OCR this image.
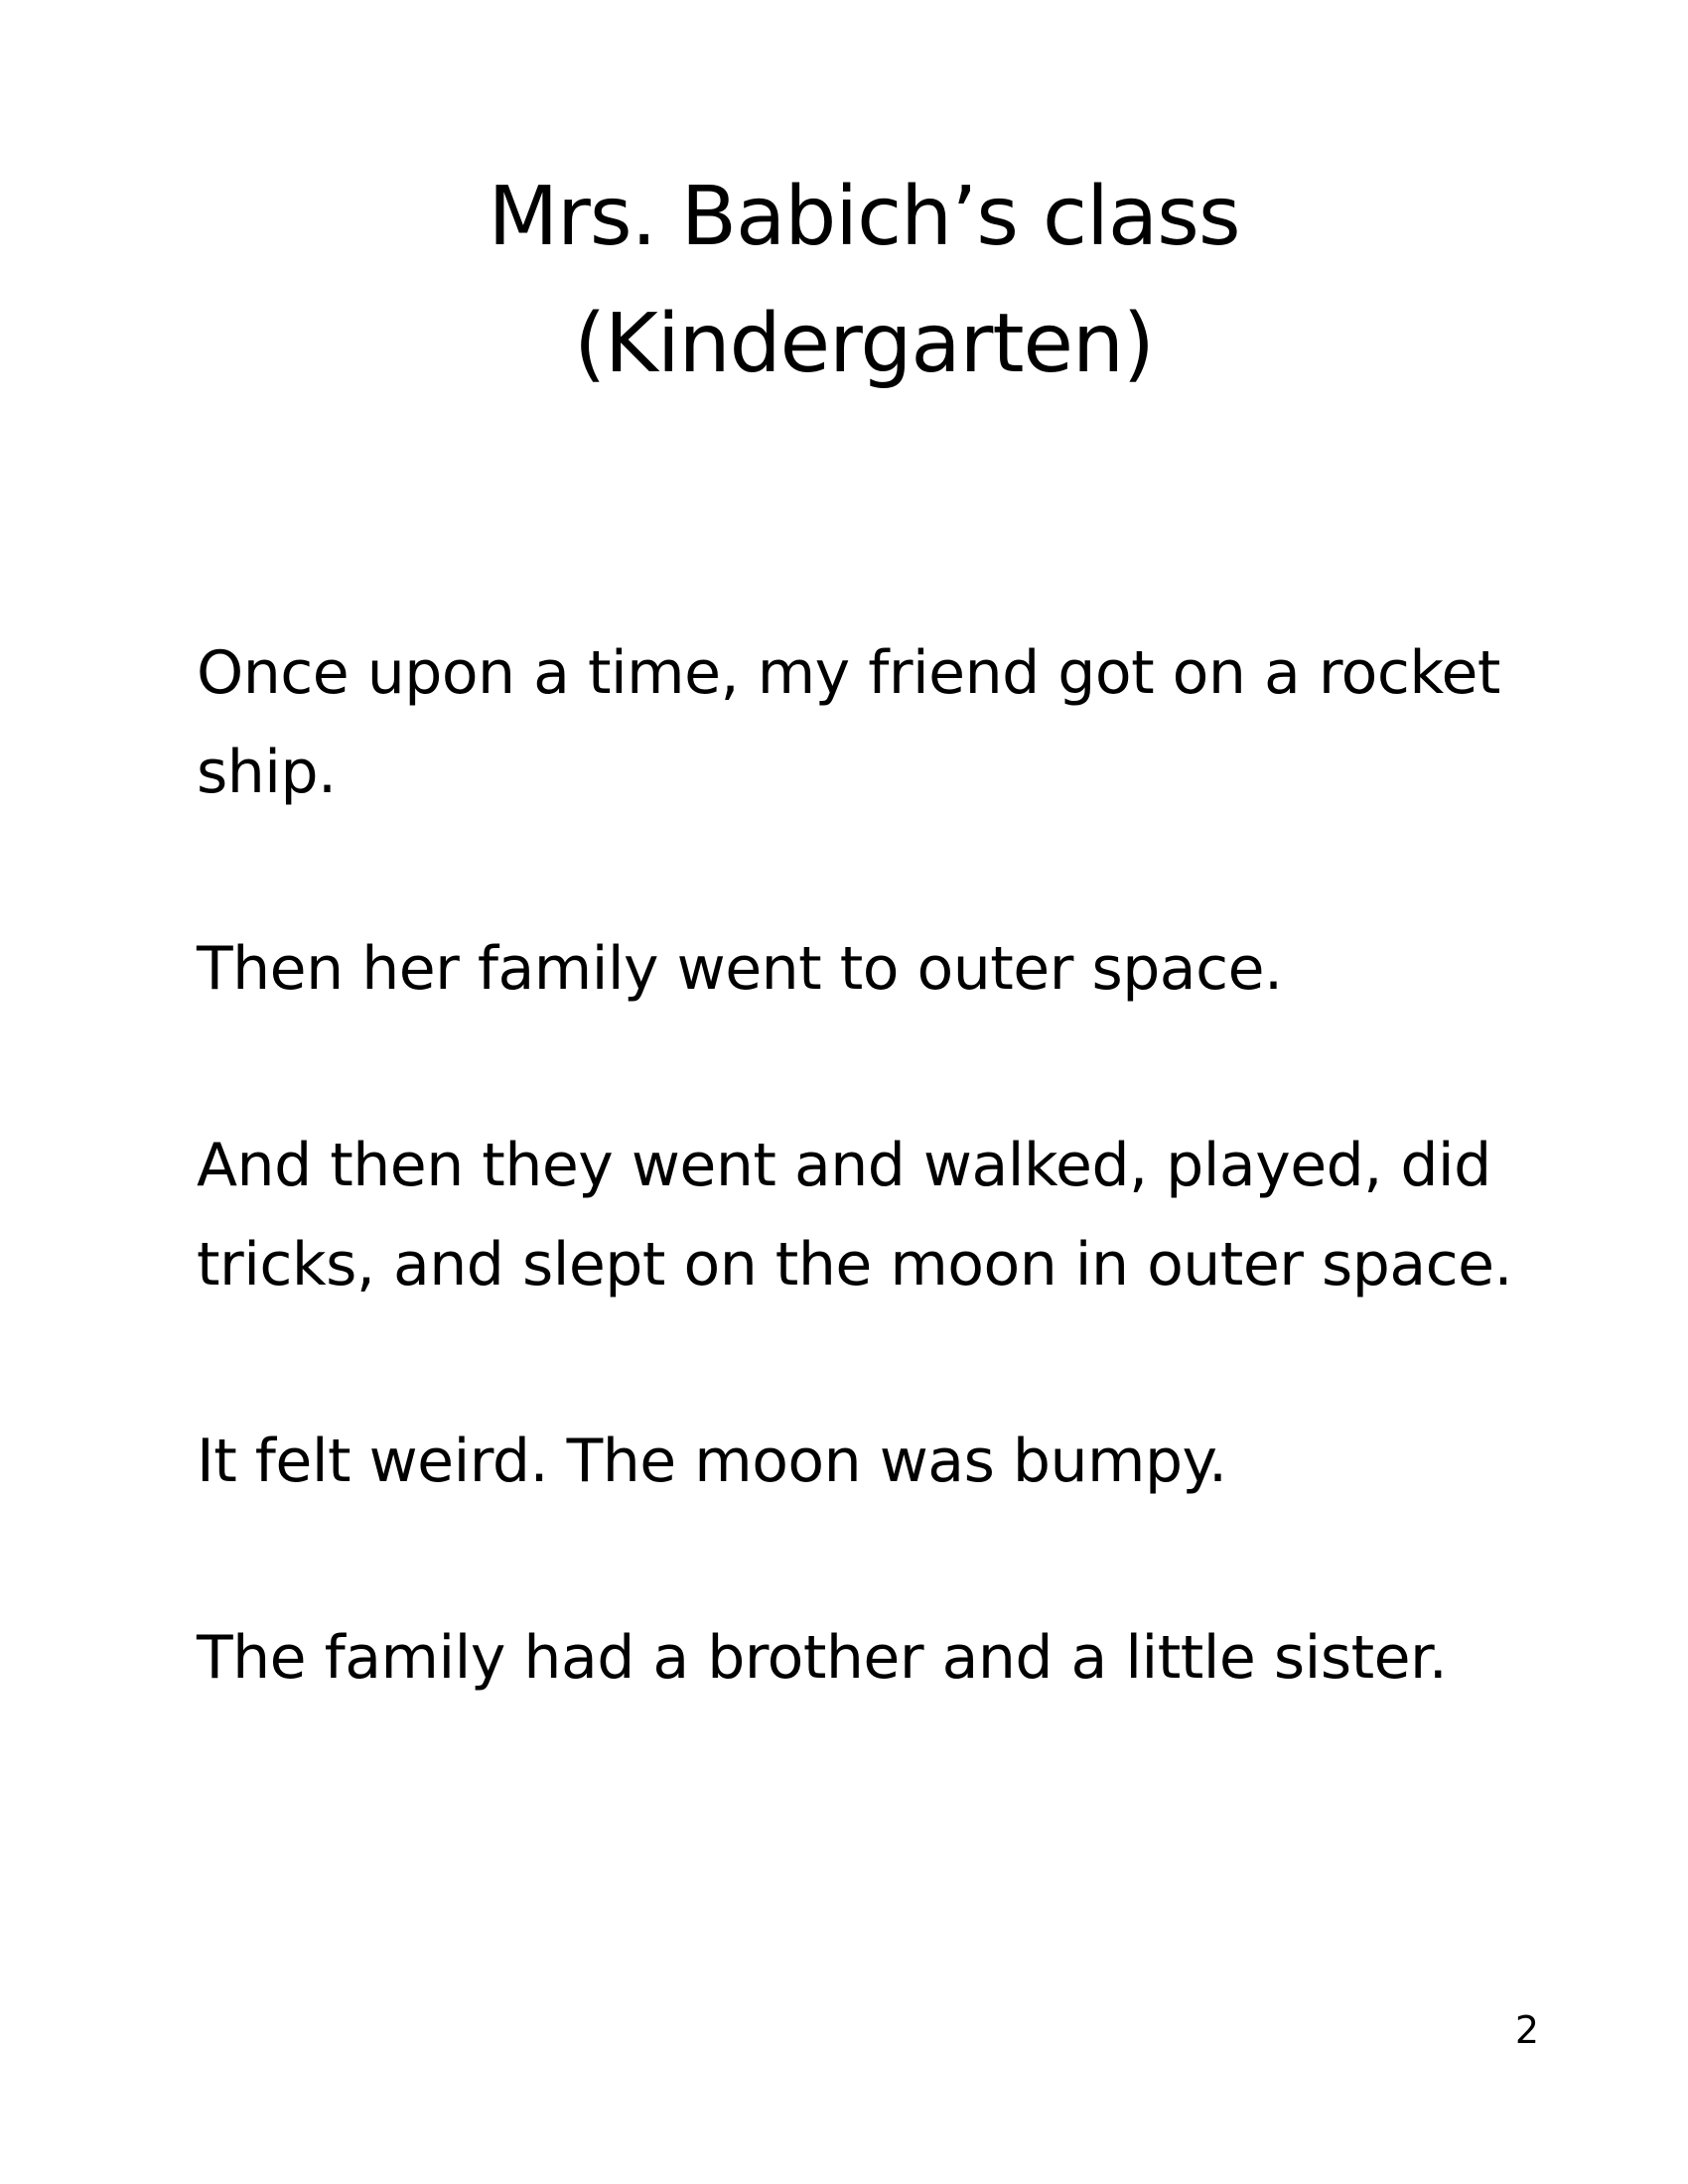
Mrs. Babich’s class
(Kindergarten)

Once upon a time, my friend got on a rocket ship.

Then her family went to outer space.

And then they went and walked, played, did tricks, and slept on the moon in outer space.

It felt weird. The moon was bumpy.

The family had a brother and a little sister.

2
